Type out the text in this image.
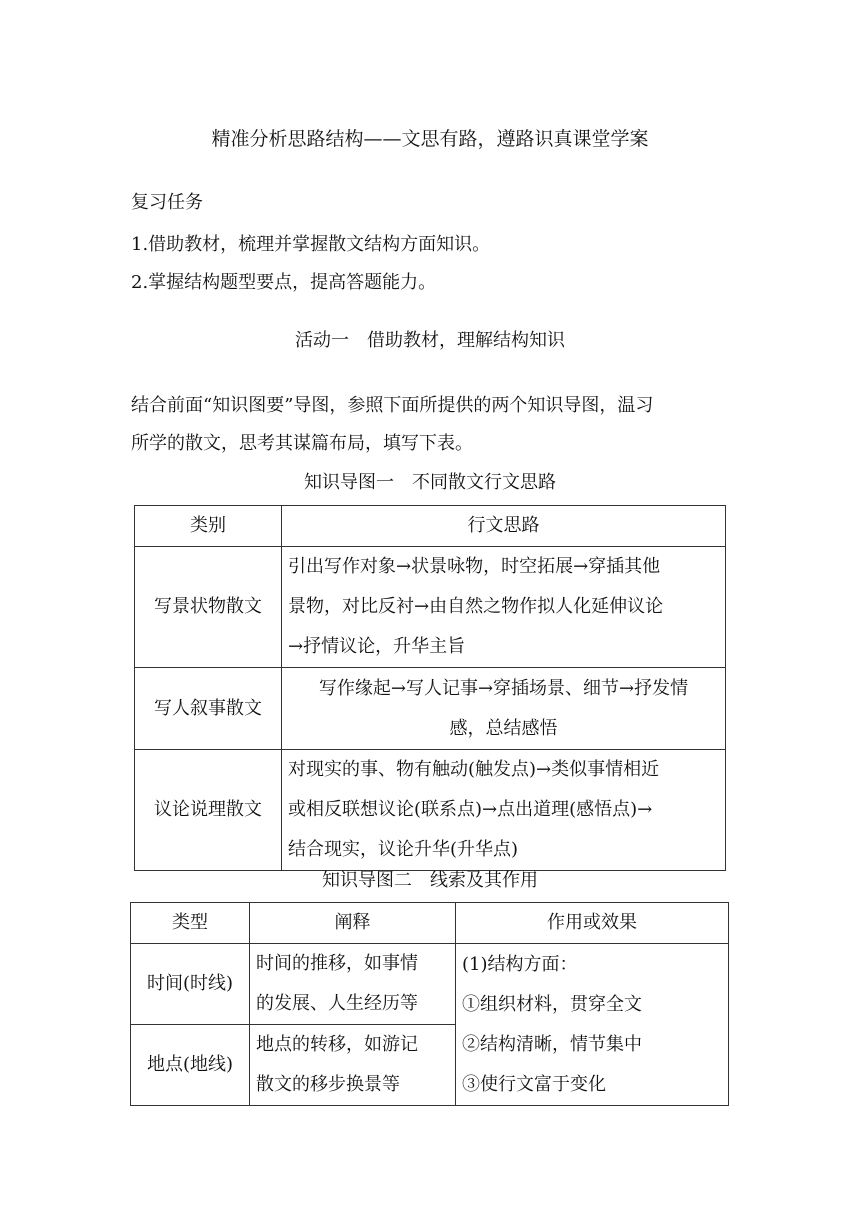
精准分析思路结构——文思有路，遵路识真课堂学案
复习任务
1.借助教材，梳理并掌握散文结构方面知识。
2.掌握结构题型要点，提高答题能力。
活动一　借助教材，理解结构知识
结合前面“知识图要”导图，参照下面所提供的两个知识导图，温习
所学的散文，思考其谋篇布局，填写下表。
知识导图一　不同散文行文思路
类别	行文思路
写景状物散文	引出写作对象→状景咏物，时空拓展→穿插其他
景物，对比反衬→由自然之物作拟人化延伸议论
→抒情议论，升华主旨

写人叙事散文	写作缘起→写人记事→穿插场景、细节→抒发情
感，总结感悟

议论说理散文	对现实的事、物有触动(触发点)→类似事情相近
或相反联想议论(联系点)→点出道理(感悟点)→
结合现实，议论升华(升华点)
知识导图二　线索及其作用
类型	阐释	作用或效果
时间(时线)	时间的推移，如事情
的发展、人生经历等	(1)结构方面：
①组织材料，贯穿全文
②结构清晰，情节集中
③使行文富于变化

地点(地线)	地点的转移，如游记
散文的移步换景等	
